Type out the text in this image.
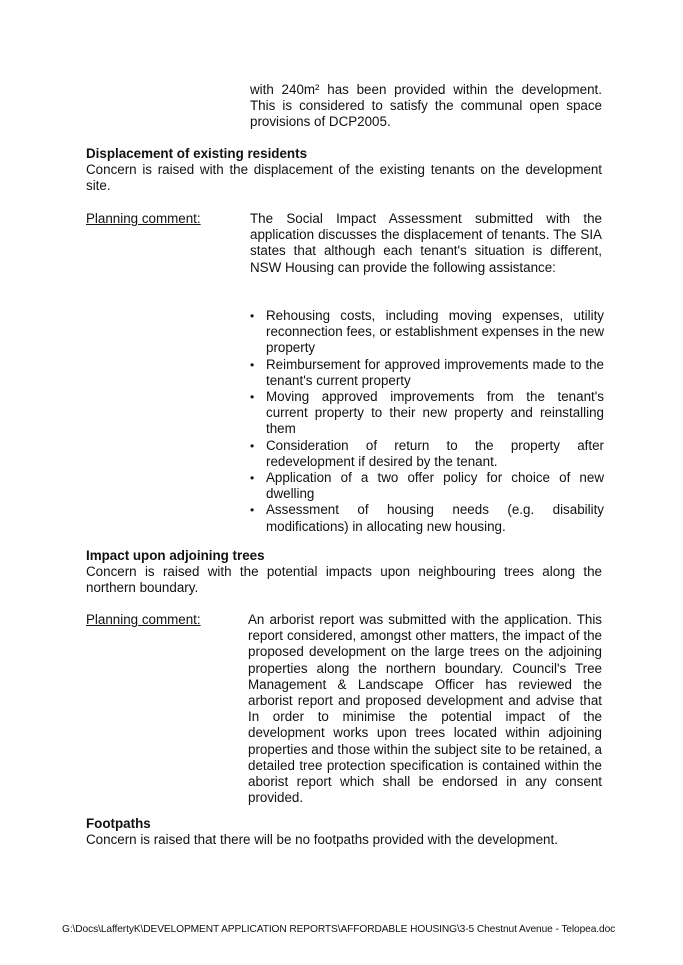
with 240m² has been provided within the development. This is considered to satisfy the communal open space provisions of DCP2005.
Displacement of existing residents
Concern is raised with the displacement of the existing tenants on the development site.
Planning comment:	The Social Impact Assessment submitted with the application discusses the displacement of tenants. The SIA states that although each tenant's situation is different, NSW Housing can provide the following assistance:
• Rehousing costs, including moving expenses, utility reconnection fees, or establishment expenses in the new property
• Reimbursement for approved improvements made to the tenant's current property
• Moving approved improvements from the tenant's current property to their new property and reinstalling them
• Consideration of return to the property after redevelopment if desired by the tenant.
• Application of a two offer policy for choice of new dwelling
• Assessment of housing needs (e.g. disability modifications) in allocating new housing.
Impact upon adjoining trees
Concern is raised with the potential impacts upon neighbouring trees along the northern boundary.
Planning comment:	An arborist report was submitted with the application. This report considered, amongst other matters, the impact of the proposed development on the large trees on the adjoining properties along the northern boundary. Council's Tree Management & Landscape Officer has reviewed the arborist report and proposed development and advise that In order to minimise the potential impact of the development works upon trees located within adjoining properties and those within the subject site to be retained, a detailed tree protection specification is contained within the aborist report which shall be endorsed in any consent provided.
Footpaths
Concern is raised that there will be no footpaths provided with the development.
G:\Docs\LaffertyK\DEVELOPMENT APPLICATION REPORTS\AFFORDABLE HOUSING\3-5 Chestnut Avenue - Telopea.doc
